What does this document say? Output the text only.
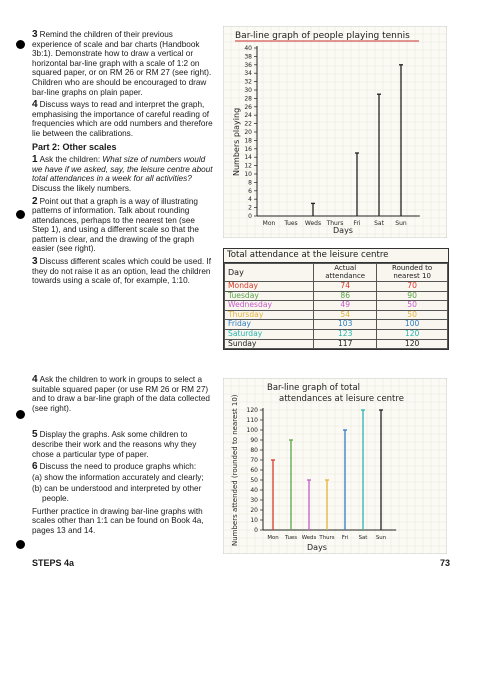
3 Remind the children of their previous experience of scale and bar charts (Handbook 3b:1). Demonstrate how to draw a vertical or horizontal bar-line graph with a scale of 1:2 on squared paper, or on RM 26 or RM 27 (see right). Children who are should be encouraged to draw bar-line graphs on plain paper.

4 Discuss ways to read and interpret the graph, emphasising the importance of careful reading of frequencies which are odd numbers and therefore lie between the calibrations.

Part 2: Other scales

1 Ask the children: What size of numbers would we have if we asked, say, the leisure centre about total attendances in a week for all activities? Discuss the likely numbers.

2 Point out that a graph is a way of illustrating patterns of information. Talk about rounding attendances, perhaps to the nearest ten (see Step 1), and using a different scale so that the pattern is clear, and the drawing of the graph easier (see right).

3 Discuss different scales which could be used. If they do not raise it as an option, lead the children towards using a scale of, for example, 1:10.

4 Ask the children to work in groups to select a suitable squared paper (or use RM 26 or RM 27) and to draw a bar-line graph of the data collected (see right).

5 Display the graphs. Ask some children to describe their work and the reasons why they chose a particular type of paper.

6 Discuss the need to produce graphs which:

(a) show the information accurately and clearly;

(b) can be understood and interpreted by other people.

Further practice in drawing bar-line graphs with scales other than 1:1 can be found on Book 4a, pages 13 and 14.

STEPS 4a	73
Bar-line graph of people playing tennis
Numbers playing
0
2
4
6
8
10
12
14
16
18
20
22
24
26
28
30
32
34
36
38
40
Mon Tues Weds Thurs Fri Sat Sun
Days
Total attendance at the leisure centre
Day	Actual attendance	Rounded to nearest 10
Monday	74	70
Tuesday	86	90
Wednesday	49	50
Thursday	54	50
Friday	103	100
Saturday	123	120
Sunday	117	120
Bar-line graph of total
attendances at leisure centre
Numbers attended (rounded to nearest 10)	0
10
20
30
40
50
60
70
80
90
100
110
120
Mon Tues Weds Thurs Fri Sat Sun
Days
